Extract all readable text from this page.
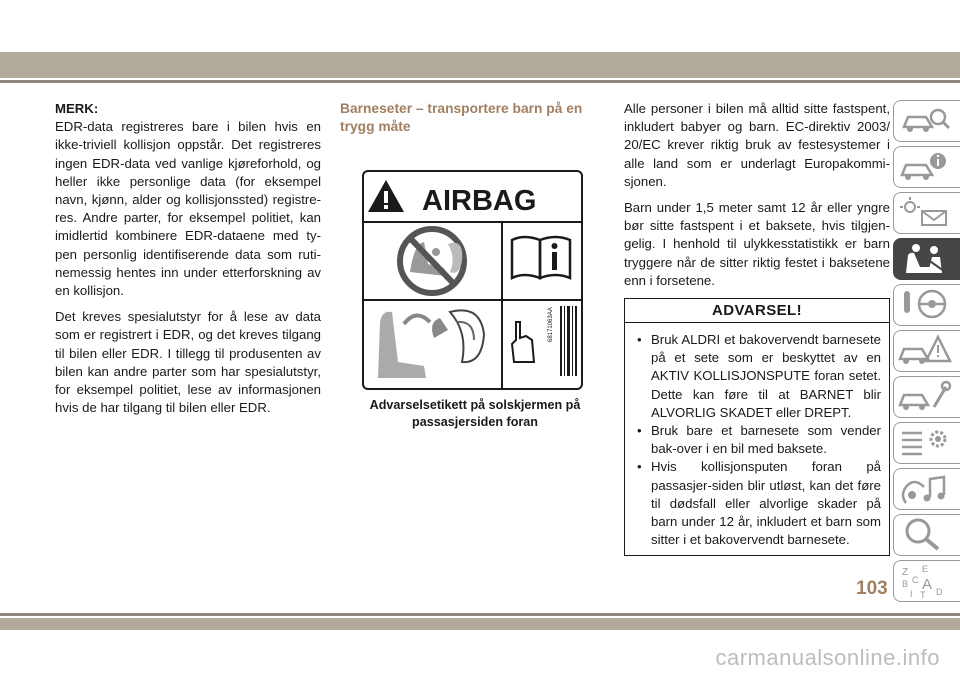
MERK:

EDR-data registreres bare i bilen hvis en ikke-triviell kollisjon oppstår. Det registreres ingen EDR-data ved vanlige kjøreforhold, og heller ikke personlige data (for eksempel navn, kjønn, alder og kollisjonssted) registre-res. Andre parter, for eksempel politiet, kan imidlertid kombinere EDR-dataene med ty-pen personlig identifiserende data som ruti-nemessig hentes inn under etterforskning av en kollisjon.

Det kreves spesialutstyr for å lese av data som er registrert i EDR, og det kreves tilgang til bilen eller EDR. I tillegg til produsenten av bilen kan andre parter som har spesialutstyr, for eksempel politiet, lese av informasjonen hvis de har tilgang til bilen eller EDR.

Barneseter – transportere barn på en trygg måte
AIRBAG
68171063AA
Advarselsetikett på solskjermen på passasjersiden foran

Alle personer i bilen må alltid sitte fastspent, inkludert babyer og barn. EC-direktiv 2003/ 20/EC krever riktig bruk av festesystemer i alle land som er underlagt Europakommi-sjonen.

Barn under 1,5 meter samt 12 år eller yngre bør sitte fastspent i et baksete, hvis tilgjen-gelig. I henhold til ulykkesstatistikk er barn tryggere når de sitter riktig festet i baksetene enn i forsetene.

ADVARSEL!
• Bruk ALDRI et bakovervendt barnesete på et sete som er beskyttet av en AKTIV KOLLISJONSPUTE foran setet. Dette kan føre til at BARNET blir ALVORLIG SKADET eller DREPT.
• Bruk bare et barnesete som vender bak-over i en bil med baksete.
• Hvis kollisjonsputen foran på passasjer-siden blir utløst, kan det føre til dødsfall eller alvorlige skader på barn under 12 år, inkludert et barn som sitter i et bakovervendt barnesete.
Z E
B A
C
D
I T
103
carmanualsonline.info
